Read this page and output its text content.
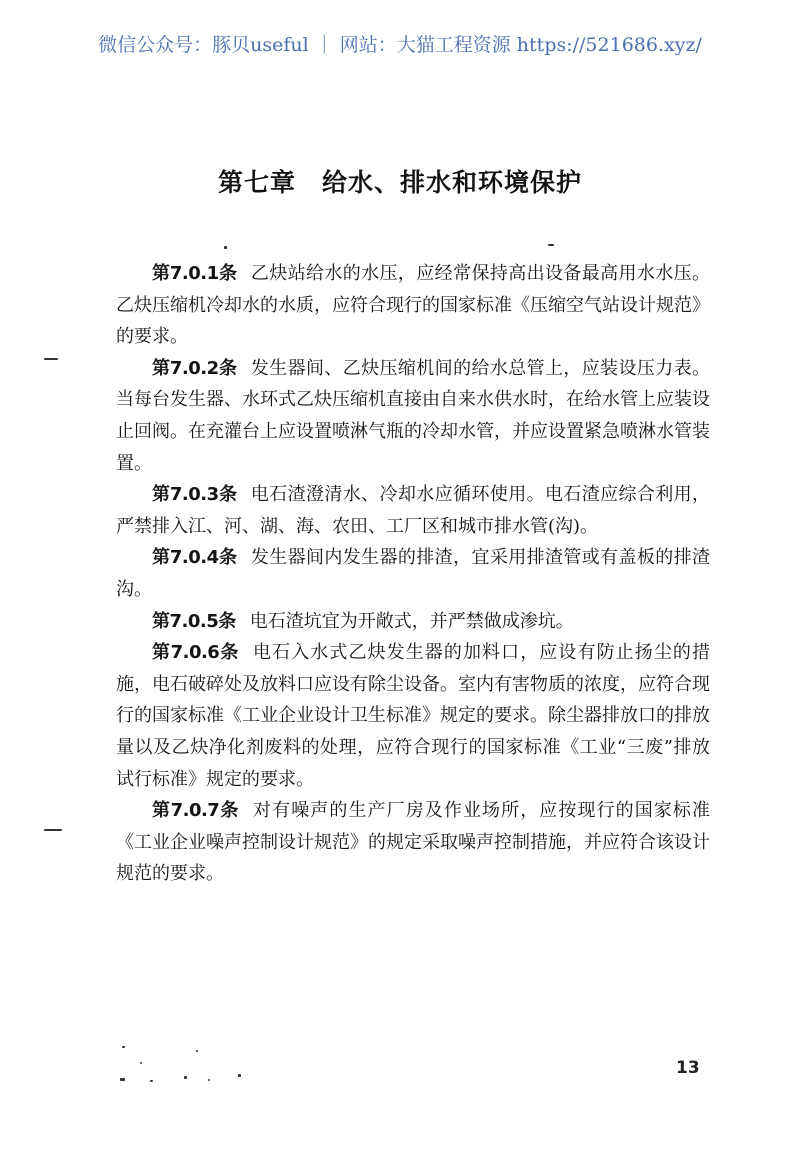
微信公众号：豚贝useful ｜ 网站：大猫工程资源 https://521686.xyz/
第七章 给水、排水和环境保护

第7.0.1条 乙炔站给水的水压，应经常保持高出设备最高用水水压。乙炔压缩机冷却水的水质，应符合现行的国家标准《压缩空气站设计规范》的要求。

第7.0.2条 发生器间、乙炔压缩机间的给水总管上，应装设压力表。当每台发生器、水环式乙炔压缩机直接由自来水供水时，在给水管上应装设止回阀。在充灌台上应设置喷淋气瓶的冷却水管，并应设置紧急喷淋水管装置。

第7.0.3条 电石渣澄清水、冷却水应循环使用。电石渣应综合利用，严禁排入江、河、湖、海、农田、工厂区和城市排水管(沟)。

第7.0.4条 发生器间内发生器的排渣，宜采用排渣管或有盖板的排渣沟。

第7.0.5条 电石渣坑宜为开敞式，并严禁做成渗坑。

第7.0.6条 电石入水式乙炔发生器的加料口，应设有防止扬尘的措施，电石破碎处及放料口应设有除尘设备。室内有害物质的浓度，应符合现行的国家标准《工业企业设计卫生标准》规定的要求。除尘器排放口的排放量以及乙炔净化剂废料的处理，应符合现行的国家标准《工业“三废”排放试行标准》规定的要求。

第7.0.7条 对有噪声的生产厂房及作业场所，应按现行的国家标准《工业企业噪声控制设计规范》的规定采取噪声控制措施，并应符合该设计规范的要求。

13
